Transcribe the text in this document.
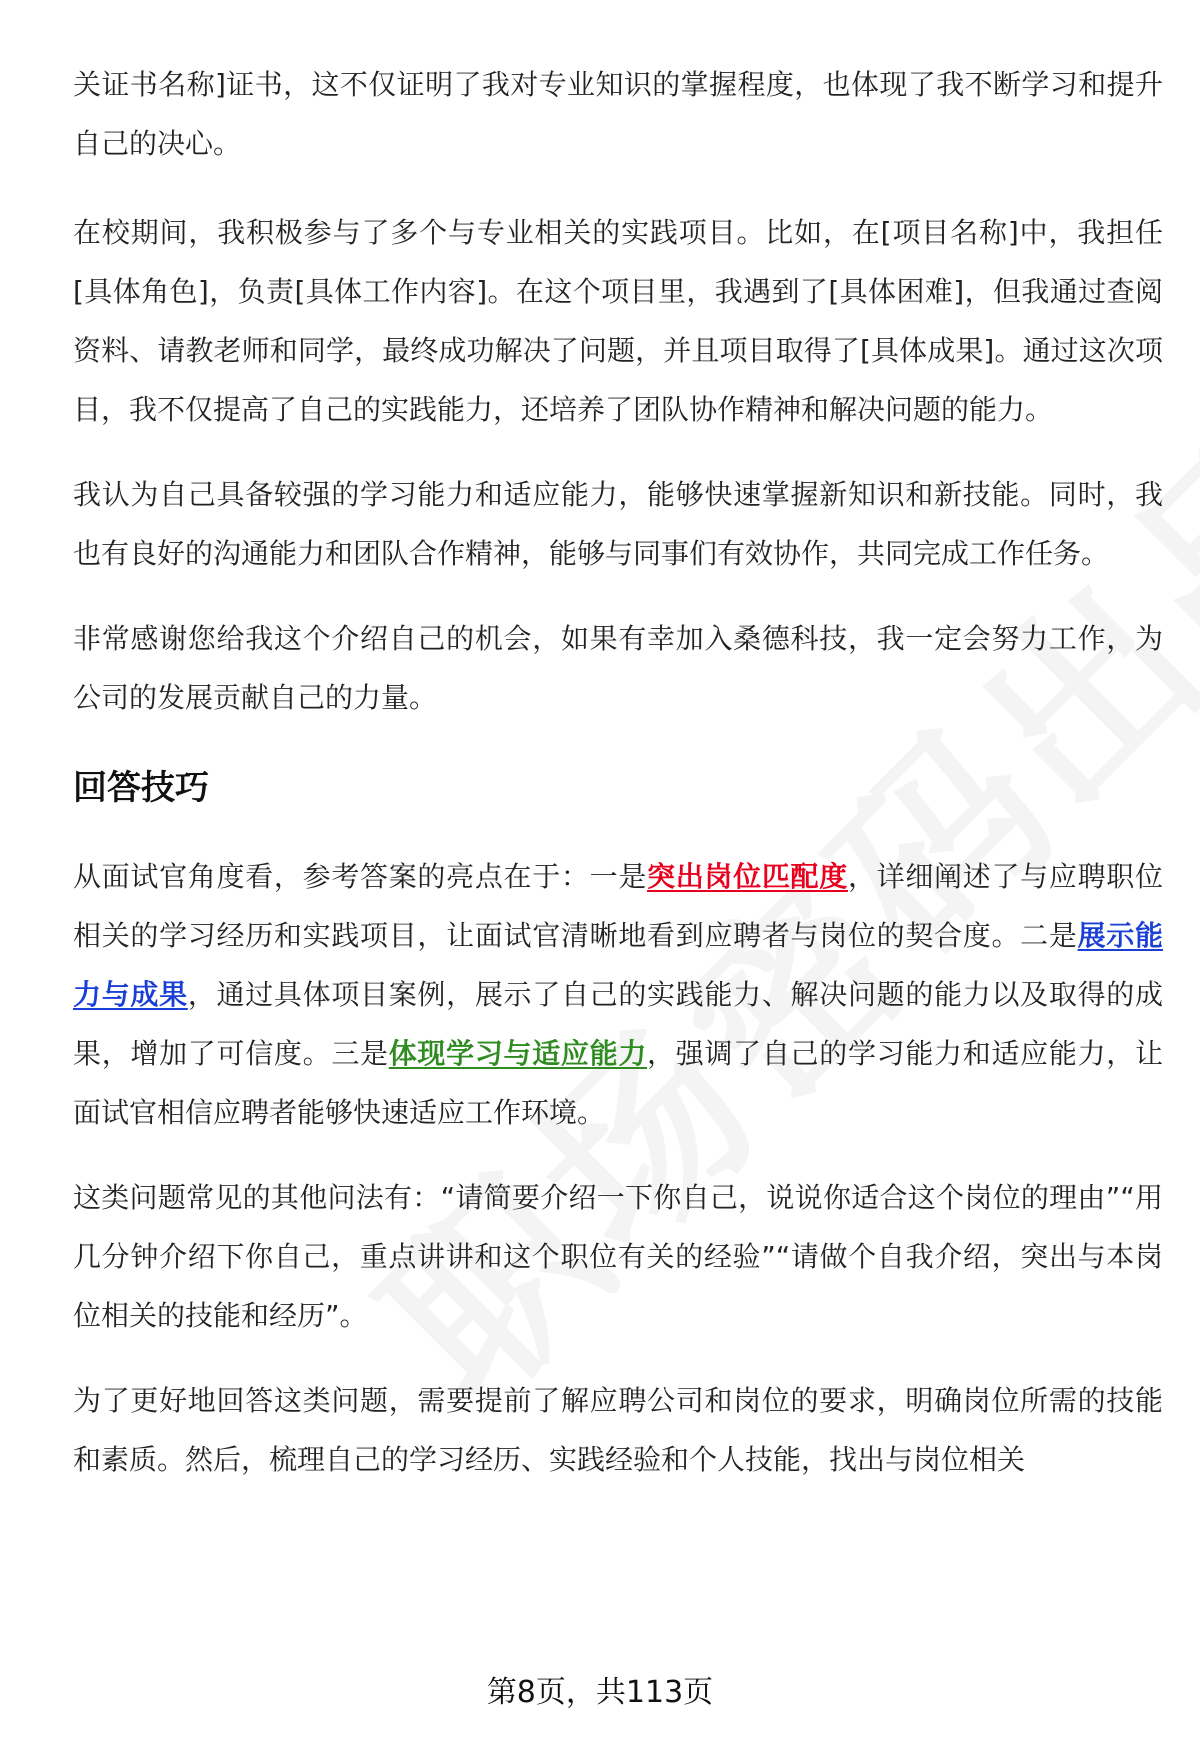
关证书名称]证书，这不仅证明了我对专业知识的掌握程度，也体现了我不断学习和提升自己的决心。

在校期间，我积极参与了多个与专业相关的实践项目。比如，在[项目名称]中，我担任[具体角色]，负责[具体工作内容]。在这个项目里，我遇到了[具体困难]，但我通过查阅资料、请教老师和同学，最终成功解决了问题，并且项目取得了[具体成果]。通过这次项目，我不仅提高了自己的实践能力，还培养了团队协作精神和解决问题的能力。

我认为自己具备较强的学习能力和适应能力，能够快速掌握新知识和新技能。同时，我也有良好的沟通能力和团队合作精神，能够与同事们有效协作，共同完成工作任务。

非常感谢您给我这个介绍自己的机会，如果有幸加入桑德科技，我一定会努力工作，为公司的发展贡献自己的力量。

回答技巧

从面试官角度看，参考答案的亮点在于：一是突出岗位匹配度，详细阐述了与应聘职位相关的学习经历和实践项目，让面试官清晰地看到应聘者与岗位的契合度。二是展示能力与成果，通过具体项目案例，展示了自己的实践能力、解决问题的能力以及取得的成果，增加了可信度。三是体现学习与适应能力，强调了自己的学习能力和适应能力，让面试官相信应聘者能够快速适应工作环境。

这类问题常见的其他问法有：“请简要介绍一下你自己，说说你适合这个岗位的理由”“用几分钟介绍下你自己，重点讲讲和这个职位有关的经验”“请做个自我介绍，突出与本岗位相关的技能和经历”。

为了更好地回答这类问题，需要提前了解应聘公司和岗位的要求，明确岗位所需的技能和素质。然后，梳理自己的学习经历、实践经验和个人技能，找出与岗位相关

第8页，共113页
